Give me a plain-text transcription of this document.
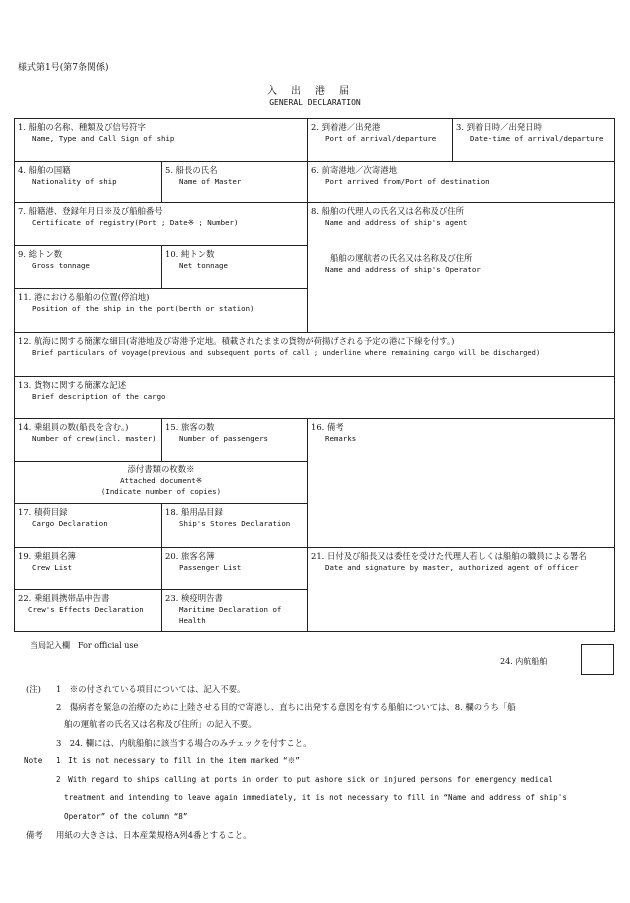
様式第1号(第7条関係)
入出港届
GENERAL DECLARATION
1. 船舶の名称、種類及び信号符字
Name, Type and Call Sign of ship
2. 到着港／出発港
Port of arrival/departure
3. 到着日時／出発日時
Date-time of arrival/departure
4. 船舶の国籍
Nationality of ship
5. 船長の氏名
Name of Master
6. 前寄港地／次寄港地
Port arrived from/Port of destination
7. 船籍港、登録年月日※及び船舶番号
Certificate of registry(Port ; Date※ ; Number)
8. 船舶の代理人の氏名又は名称及び住所
Name and address of ship's agent
船舶の運航者の氏名又は名称及び住所
Name and address of ship's Operator
9. 総トン数
Gross tonnage
10. 純トン数
Net tonnage
11. 港における船舶の位置(停泊地)
Position of the ship in the port(berth or station)
12. 航海に関する簡潔な細目(寄港地及び寄港予定地。積載されたままの貨物が荷揚げされる予定の港に下線を付す。)
Brief particulars of voyage(previous and subsequent ports of call ; underline where remaining cargo will be discharged)
13. 貨物に関する簡潔な記述
Brief description of the cargo
14. 乗組員の数(船長を含む。)
Number of crew(incl. master)
15. 旅客の数
Number of passengers
16. 備考
Remarks
添付書類の枚数※
Attached document※
(Indicate number of copies)
17. 積荷目録
Cargo Declaration
18. 船用品目録
Ship's Stores Declaration
19. 乗組員名簿
Crew List
20. 旅客名簿
Passenger List
21. 日付及び船長又は委任を受けた代理人若しくは船舶の職員による署名
Date and signature by master, authorized agent of officer
22. 乗組員携帯品申告書
Crew's Effects Declaration
23. 検疫明告書
Maritime Declaration of Health
当局記入欄　For official use
24. 内航船舶
(注) 1　※の付されている項目については、記入不要。
2　傷病者を緊急の治療のために上陸させる目的で寄港し、直ちに出発する意図を有する船舶については、8. 欄のうち「船
舶の運航者の氏名又は名称及び住所」の記入不要。
3　24. 欄には、内航船舶に該当する場合のみチェックを付すこと。
Note 1　It is not necessary to fill in the item marked “※”
2　With regard to ships calling at ports in order to put ashore sick or injured persons for emergency medical
treatment and intending to leave again immediately, it is not necessary to fill in “Name and address of ship's
Operator” of the column “8”
備考 用紙の大きさは、日本産業規格A列4番とすること。
